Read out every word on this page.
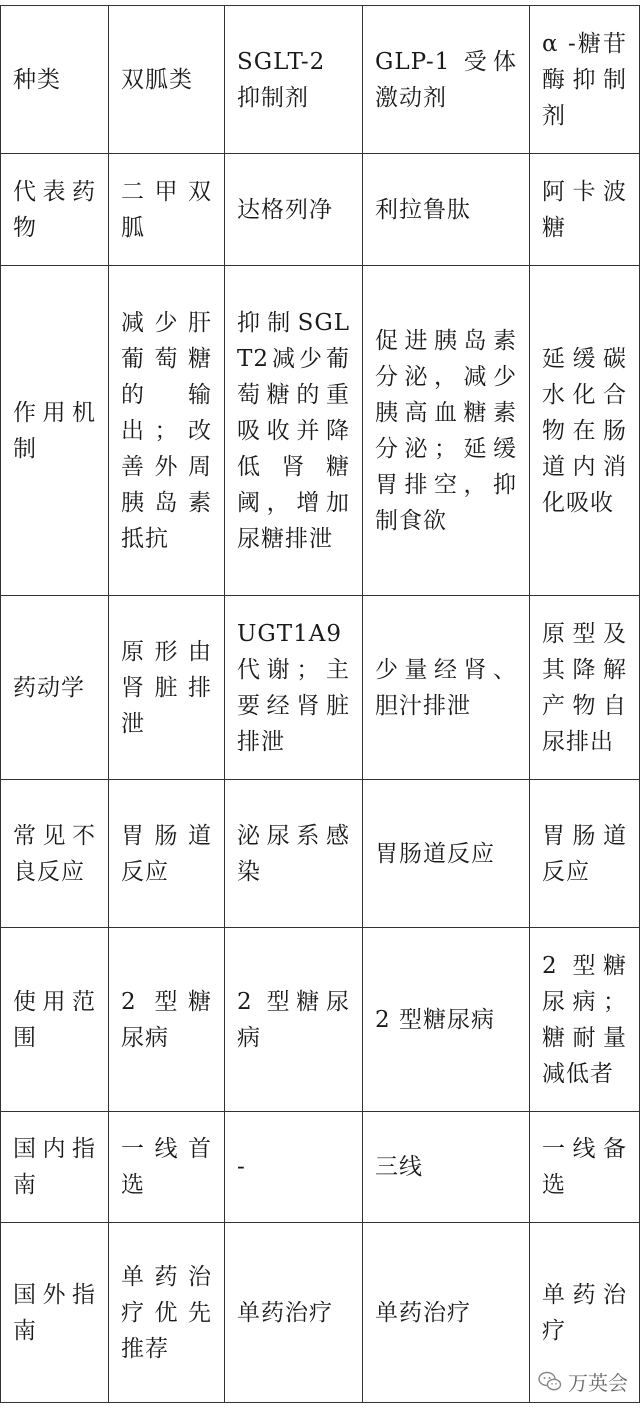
种类	双胍类	SGLT-2 抑制剂	GLP-1 受体激动剂	α -糖苷酶抑制剂
代表药物	二甲双胍	达格列净	利拉鲁肽	阿卡波糖
作用机制	减少肝葡萄糖的输出；改善外周胰岛素抵抗	抑制SGLT2减少葡萄糖的重吸收并降低肾糖阈，增加尿糖排泄	促进胰岛素分泌，减少胰高血糖素分泌；延缓胃排空，抑制食欲	延缓碳水化合物在肠道内消化吸收
药动学	原形由肾脏排泄	UGT1A9代谢；主要经肾脏排泄	少量经肾、胆汁排泄	原型及其降解产物自尿排出
常见不良反应	胃肠道反应	泌尿系感染	胃肠道反应	胃肠道反应
使用范围	2 型糖尿病	2 型糖尿病	2 型糖尿病	2 型糖尿病；糖耐量减低者
国内指南	一线首选	-	三线	一线备选
国外指南	单药治疗优先推荐	单药治疗	单药治疗	单药治疗
万英会
